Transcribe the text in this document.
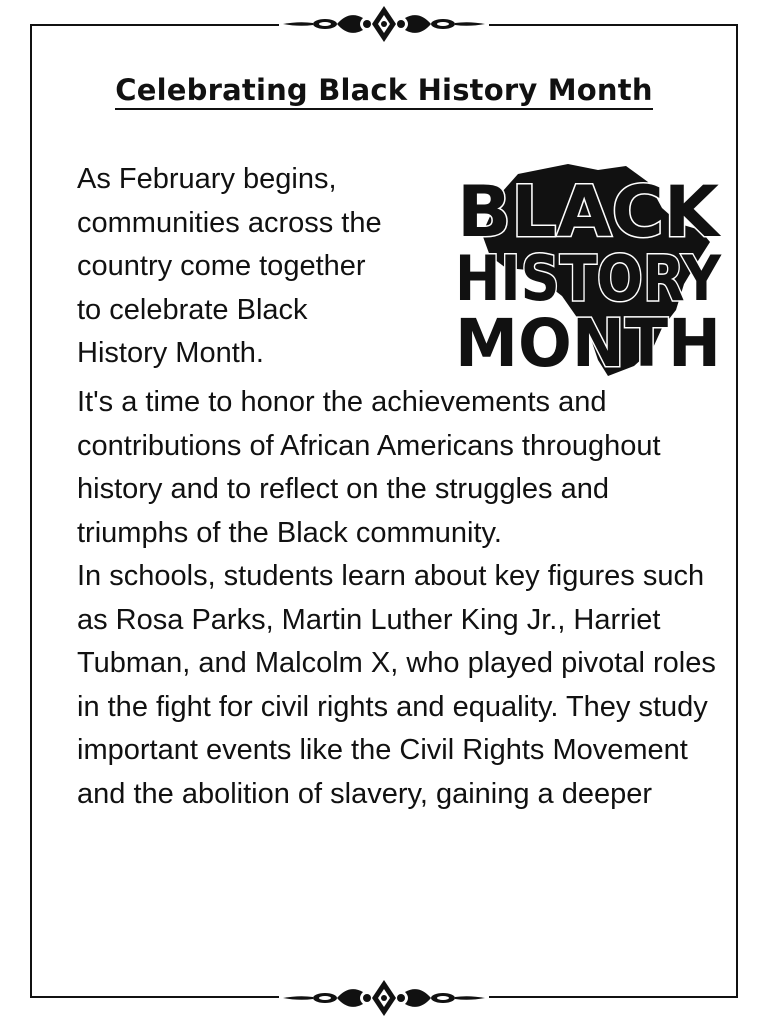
Celebrating Black History Month
As February begins,
communities across the
country come together
to celebrate Black
History Month.
BLACK
HISTORY
MONTH

It's a time to honor the achievements and contributions of African Americans throughout history and to reflect on the struggles and triumphs of the Black community.

In schools, students learn about key figures such as Rosa Parks, Martin Luther King Jr., Harriet Tubman, and Malcolm X, who played pivotal roles in the fight for civil rights and equality. They study important events like the Civil Rights Movement and the abolition of slavery, gaining a deeper
